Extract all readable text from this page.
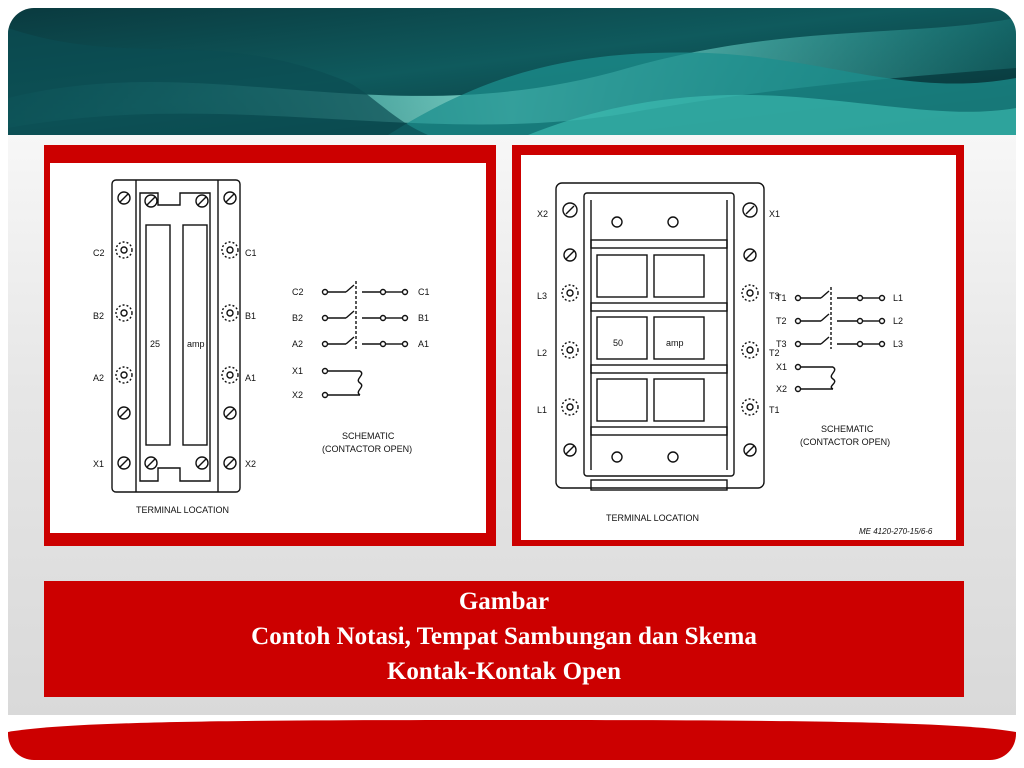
C2
B2
A2
X1
C1
B1
A1
X2
25	amp
C2
B2
A2
X1
X2
C1
B1
A1
SCHEMATIC
(CONTACTOR OPEN)
TERMINAL LOCATION
X2
L3
L2
L1
X1
T3
T2
T1
50	amp
T1
T2
T3
X1
X2
L1
L2
L3
SCHEMATIC
(CONTACTOR OPEN)
TERMINAL LOCATION
ME 4120-270-15/6-6
Gambar
Contoh Notasi, Tempat Sambungan dan Skema
Kontak-Kontak Open
